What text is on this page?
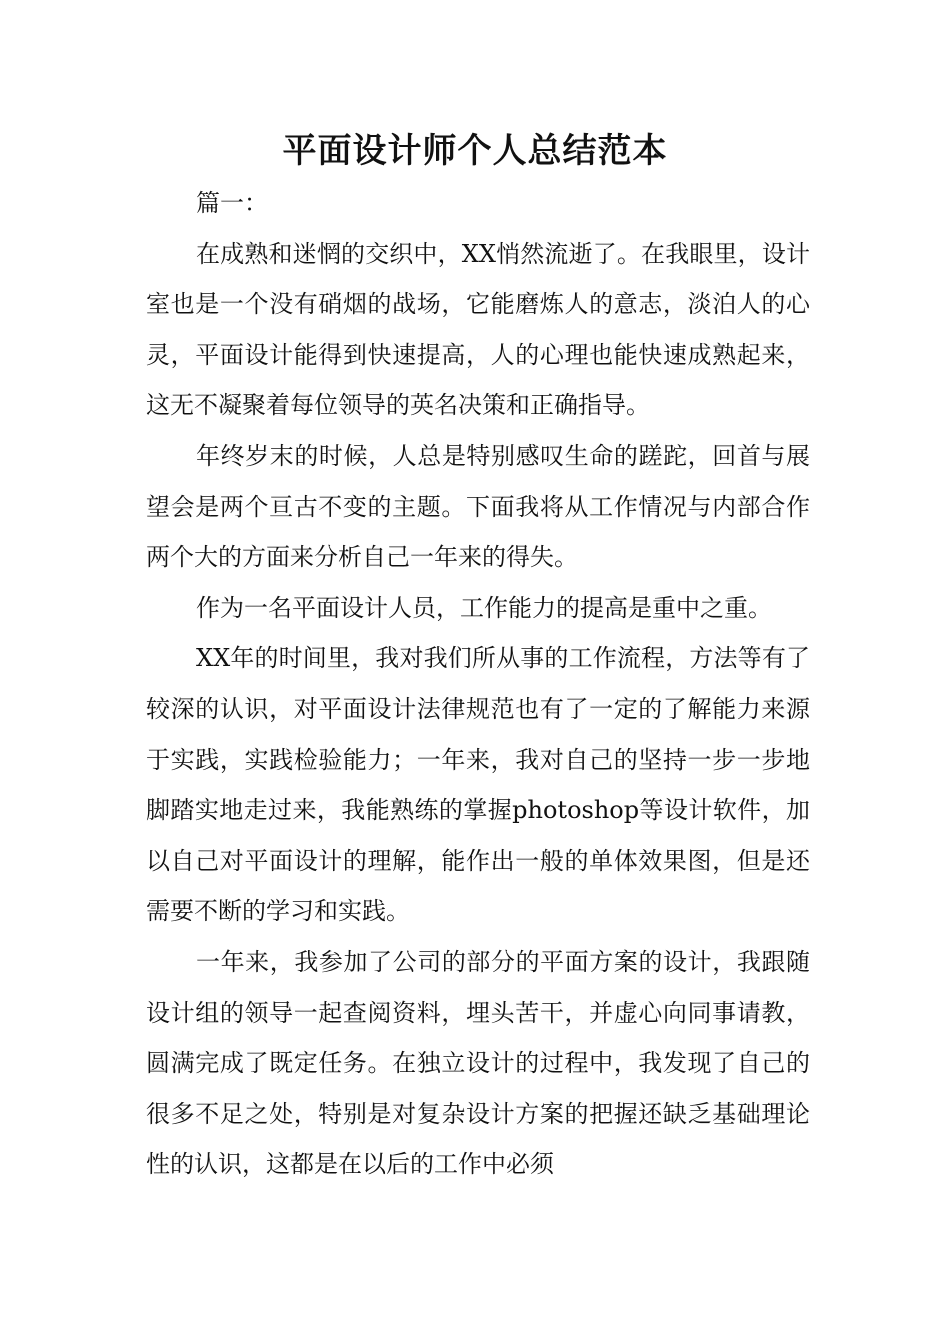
平面设计师个人总结范本

篇一：

在成熟和迷惘的交织中，XX悄然流逝了。在我眼里，设计室也是一个没有硝烟的战场，它能磨炼人的意志，淡泊人的心灵，平面设计能得到快速提高，人的心理也能快速成熟起来，这无不凝聚着每位领导的英名决策和正确指导。

年终岁末的时候，人总是特别感叹生命的蹉跎，回首与展望会是两个亘古不变的主题。下面我将从工作情况与内部合作两个大的方面来分析自己一年来的得失。

作为一名平面设计人员，工作能力的提高是重中之重。

XX年的时间里，我对我们所从事的工作流程，方法等有了较深的认识，对平面设计法律规范也有了一定的了解能力来源于实践，实践检验能力；一年来，我对自己的坚持一步一步地脚踏实地走过来，我能熟练的掌握photoshop等设计软件，加以自己对平面设计的理解，能作出一般的单体效果图，但是还需要不断的学习和实践。

一年来，我参加了公司的部分的平面方案的设计，我跟随设计组的领导一起查阅资料，埋头苦干，并虚心向同事请教，圆满完成了既定任务。在独立设计的过程中，我发现了自己的很多不足之处，特别是对复杂设计方案的把握还缺乏基础理论性的认识，这都是在以后的工作中必须
